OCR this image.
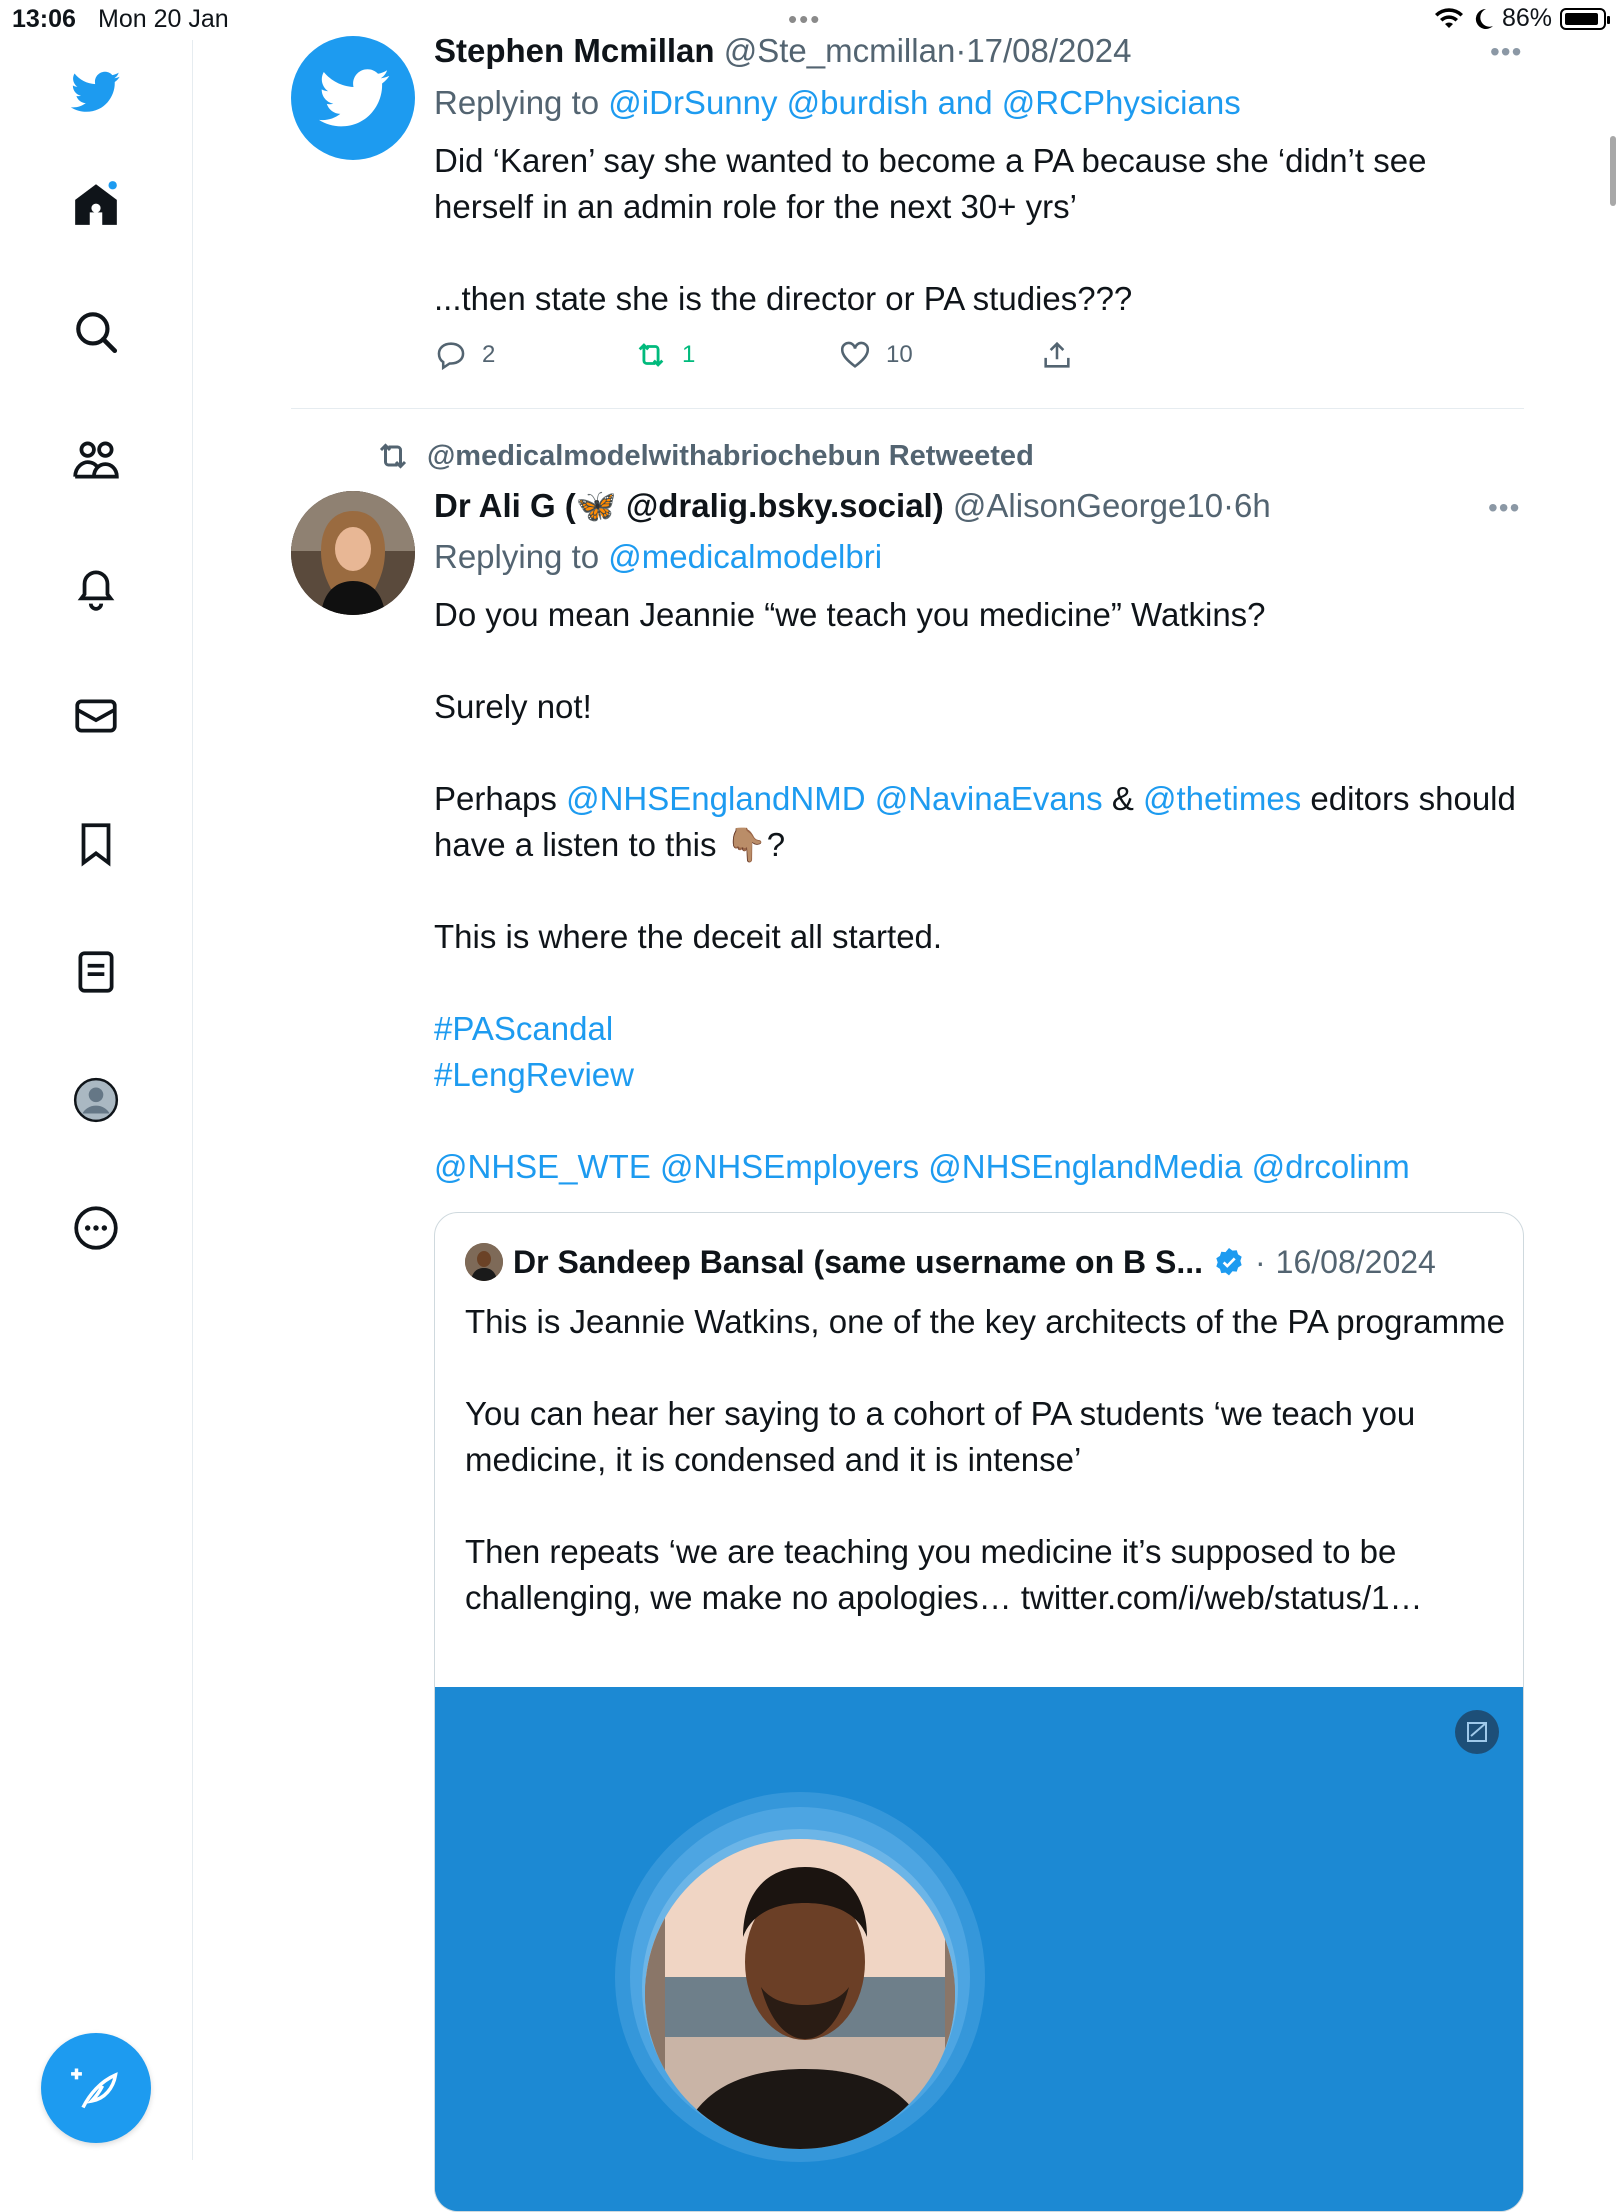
13:06 Mon 20 Jan	•••	86%
Stephen Mcmillan @Ste_mcmillan·17/08/2024	•••
Replying to @iDrSunny @burdish and @RCPhysicians

Did ‘Karen’ say she wanted to become a PA because she ‘didn’t see herself in an admin role for the next 30+ yrs’

...then state she is the director or PA studies???

2	1	10
@medicalmodelwithabriochebun Retweeted
Dr Ali G (🦋 @dralig.bsky.social) @AlisonGeorge10·6h	•••
Replying to @medicalmodelbri

Do you mean Jeannie “we teach you medicine” Watkins?

Surely not!

Perhaps @NHSEnglandNMD @NavinaEvans & @thetimes editors should have a listen to this 👇🏽?

This is where the deceit all started.

#PAScandal

#LengReview

@NHSE_WTE @NHSEmployers @NHSEnglandMedia @drcolinm

Dr Sandeep Bansal (same username on B S... · 16/08/2024

This is Jeannie Watkins, one of the key architects of the PA programme

You can hear her saying to a cohort of PA students ‘we teach you medicine, it is condensed and it is intense’

Then repeats ‘we are teaching you medicine it’s supposed to be challenging, we make no apologies… twitter.com/i/web/status/1…
